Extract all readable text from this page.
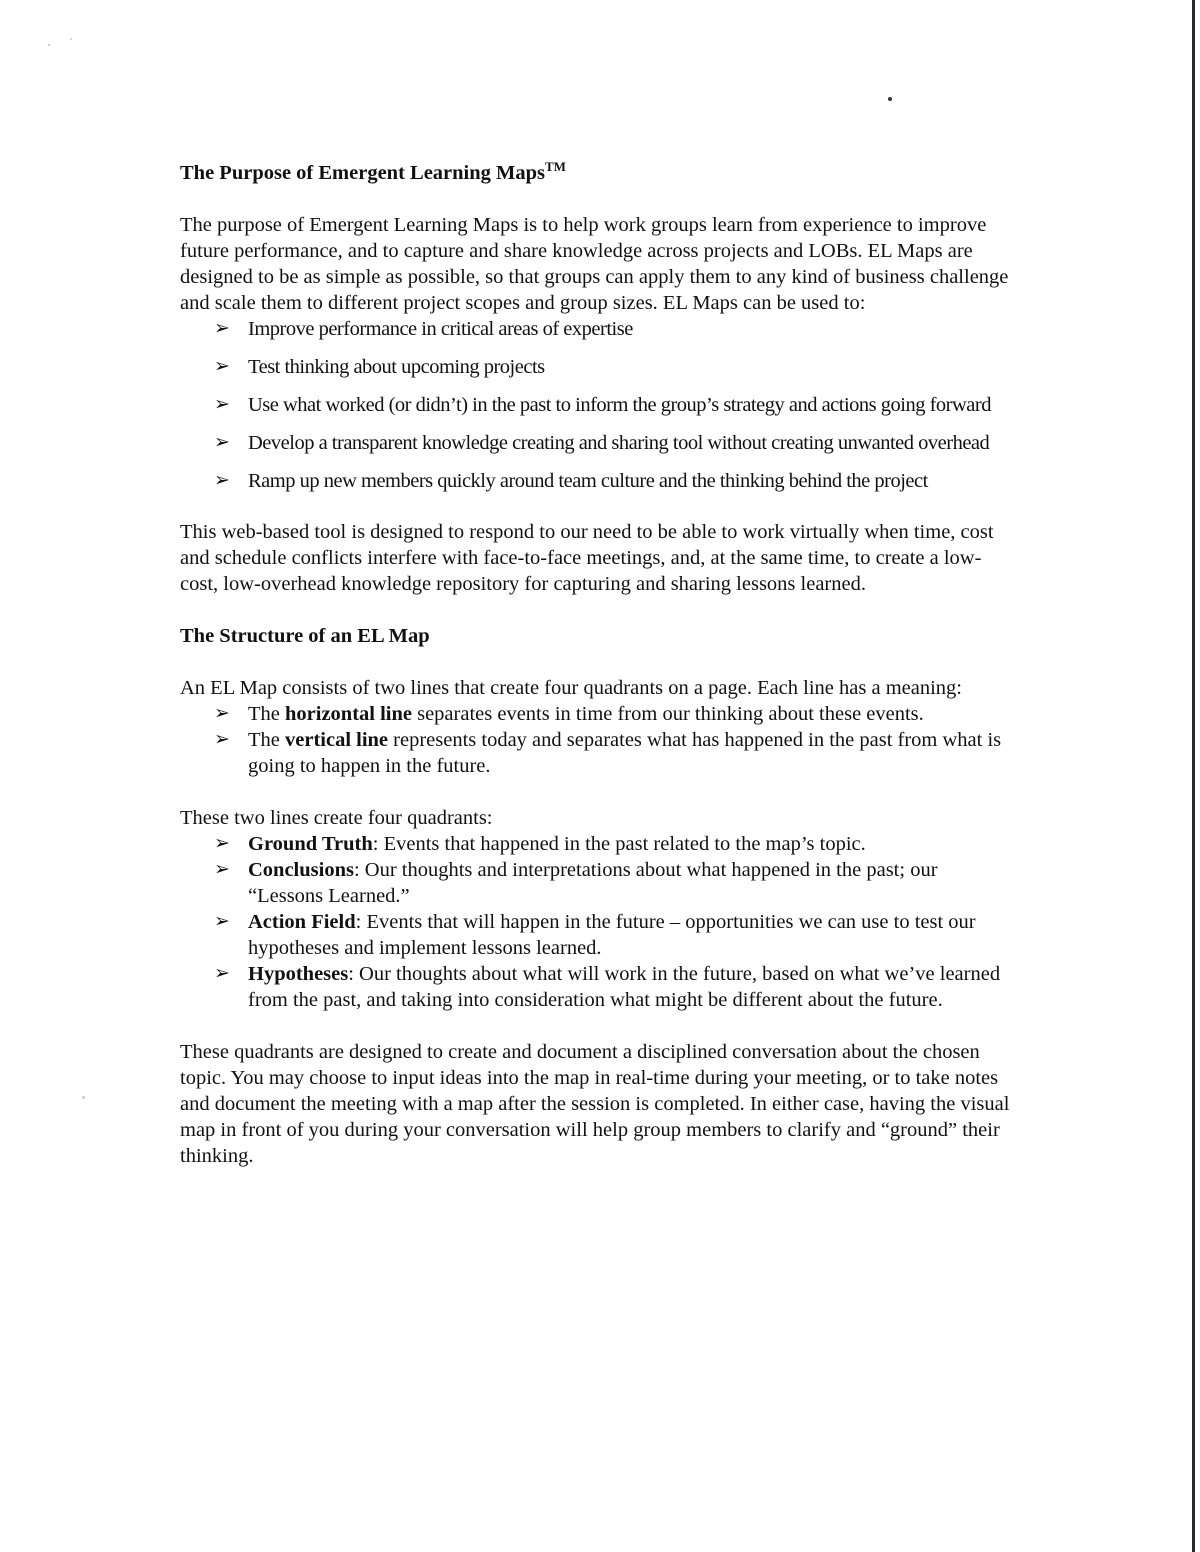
The Purpose of Emergent Learning Maps™

The purpose of Emergent Learning Maps is to help work groups learn from experience to improve future performance, and to capture and share knowledge across projects and LOBs. EL Maps are designed to be as simple as possible, so that groups can apply them to any kind of business challenge and scale them to different project scopes and group sizes. EL Maps can be used to:

➢ Improve performance in critical areas of expertise
➢ Test thinking about upcoming projects
➢ Use what worked (or didn’t) in the past to inform the group’s strategy and actions going forward
➢ Develop a transparent knowledge creating and sharing tool without creating unwanted overhead
➢ Ramp up new members quickly around team culture and the thinking behind the project

This web-based tool is designed to respond to our need to be able to work virtually when time, cost and schedule conflicts interfere with face-to-face meetings, and, at the same time, to create a low-cost, low-overhead knowledge repository for capturing and sharing lessons learned.

The Structure of an EL Map

An EL Map consists of two lines that create four quadrants on a page. Each line has a meaning:

➢ The horizontal line separates events in time from our thinking about these events.
➢ The vertical line represents today and separates what has happened in the past from what is going to happen in the future.

These two lines create four quadrants:

➢ Ground Truth: Events that happened in the past related to the map’s topic.
➢ Conclusions: Our thoughts and interpretations about what happened in the past; our “Lessons Learned.”
➢ Action Field: Events that will happen in the future – opportunities we can use to test our hypotheses and implement lessons learned.
➢ Hypotheses: Our thoughts about what will work in the future, based on what we’ve learned from the past, and taking into consideration what might be different about the future.

These quadrants are designed to create and document a disciplined conversation about the chosen topic. You may choose to input ideas into the map in real-time during your meeting, or to take notes and document the meeting with a map after the session is completed. In either case, having the visual map in front of you during your conversation will help group members to clarify and “ground” their thinking.
